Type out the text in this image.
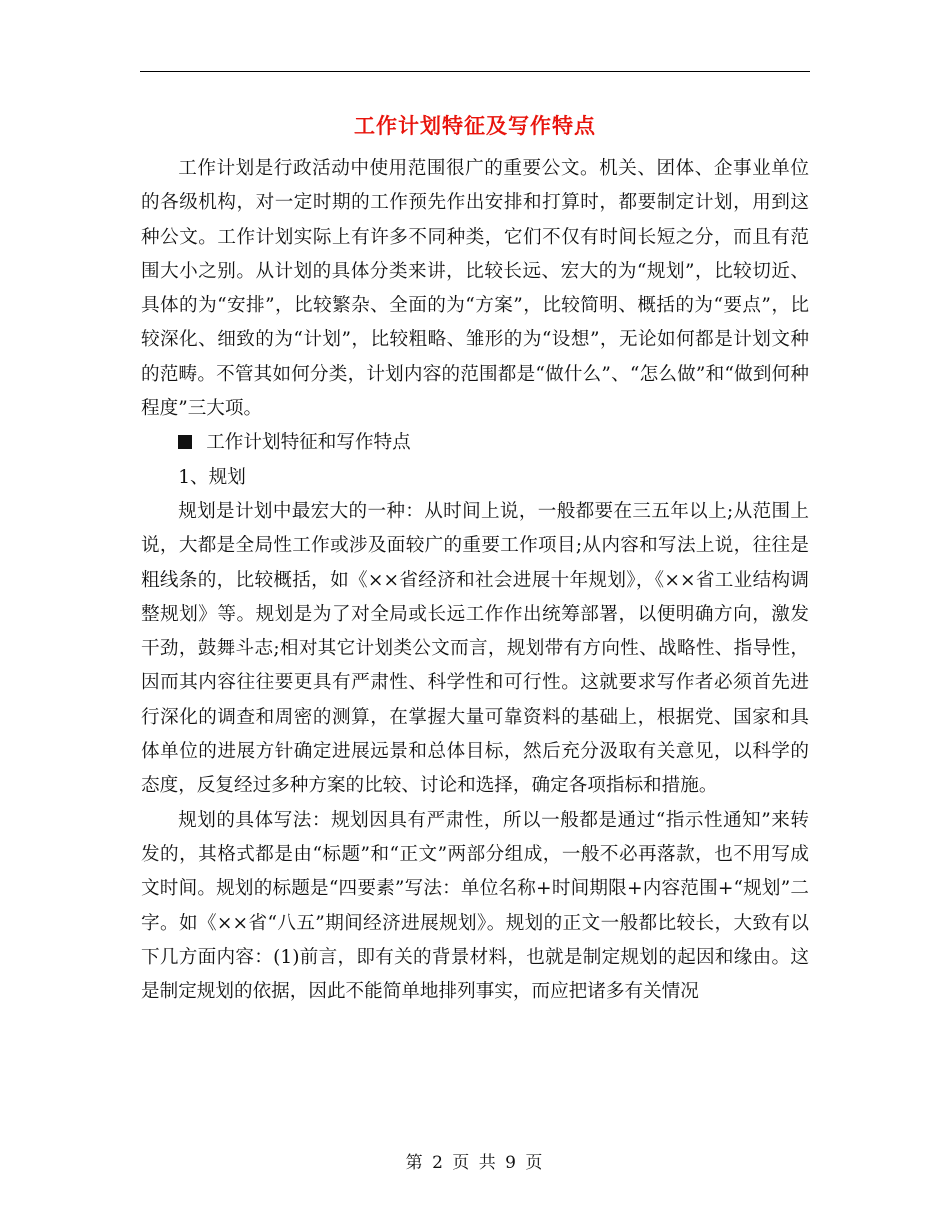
工作计划特征及写作特点

工作计划是行政活动中使用范围很广的重要公文。机关、团体、企事业单位的各级机构，对一定时期的工作预先作出安排和打算时，都要制定计划，用到这种公文。工作计划实际上有许多不同种类，它们不仅有时间长短之分，而且有范围大小之别。从计划的具体分类来讲，比较长远、宏大的为“规划”，比较切近、具体的为“安排”，比较繁杂、全面的为“方案”，比较简明、概括的为“要点”，比较深化、细致的为“计划”，比较粗略、雏形的为“设想”，无论如何都是计划文种的范畴。不管其如何分类，计划内容的范围都是“做什么”、“怎么做”和“做到何种程度”三大项。

工作计划特征和写作特点

1、规划

规划是计划中最宏大的一种：从时间上说，一般都要在三五年以上;从范围上说，大都是全局性工作或涉及面较广的重要工作项目;从内容和写法上说，往往是粗线条的，比较概括，如《××省经济和社会进展十年规划》，《××省工业结构调整规划》等。规划是为了对全局或长远工作作出统筹部署，以便明确方向，激发干劲，鼓舞斗志;相对其它计划类公文而言，规划带有方向性、战略性、指导性，因而其内容往往要更具有严肃性、科学性和可行性。这就要求写作者必须首先进行深化的调查和周密的测算，在掌握大量可靠资料的基础上，根据党、国家和具体单位的进展方针确定进展远景和总体目标，然后充分汲取有关意见，以科学的态度，反复经过多种方案的比较、讨论和选择，确定各项指标和措施。

规划的具体写法：规划因具有严肃性，所以一般都是通过“指示性通知”来转发的，其格式都是由“标题”和“正文”两部分组成，一般不必再落款，也不用写成文时间。规划的标题是“四要素”写法：单位名称+时间期限+内容范围+“规划”二字。如《××省“八五”期间经济进展规划》。规划的正文一般都比较长，大致有以下几方面内容：(1)前言，即有关的背景材料，也就是制定规划的起因和缘由。这是制定规划的依据，因此不能简单地排列事实，而应把诸多有关情况

第 2 页 共 9 页
